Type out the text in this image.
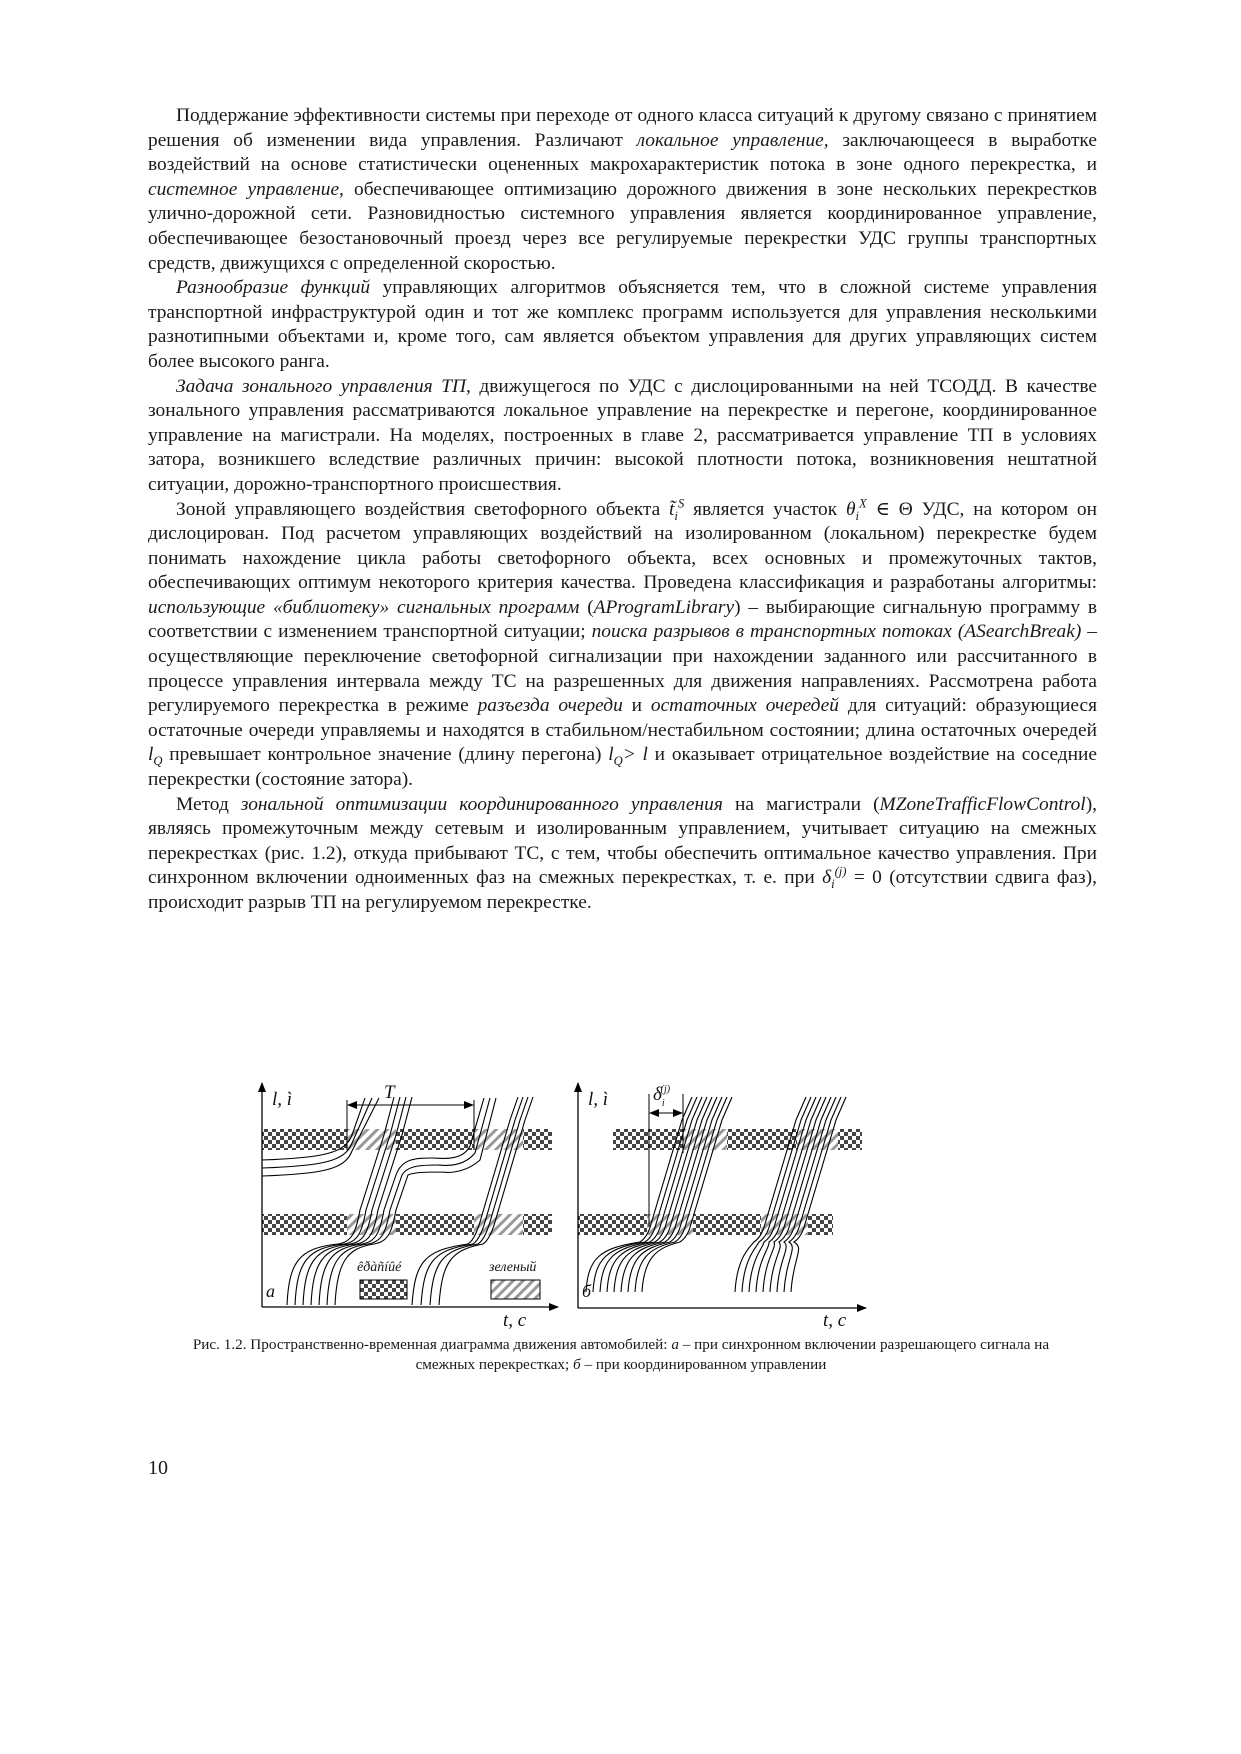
Поддержание эффективности системы при переходе от одного класса ситуаций к другому связано с принятием решения об изменении вида управления. Различают локальное управление, заключающееся в выработке воздействий на основе статистически оцененных макрохарактеристик потока в зоне одного перекрестка, и системное управление, обеспечивающее оптимизацию дорожного движения в зоне нескольких перекрестков улично-дорожной сети. Разновидностью системного управления является координированное управление, обеспечивающее безостановочный проезд через все регулируемые перекрестки УДС группы транспортных средств, движущихся с определенной скоростью.

Разнообразие функций управляющих алгоритмов объясняется тем, что в сложной системе управления транспортной инфраструктурой один и тот же комплекс программ используется для управления несколькими разнотипными объектами и, кроме того, сам является объектом управления для других управляющих систем более высокого ранга.

Задача зонального управления ТП, движущегося по УДС с дислоцированными на ней ТСОДД. В качестве зонального управления рассматриваются локальное управление на перекрестке и перегоне, координированное управление на магистрали. На моделях, построенных в главе 2, рассматривается управление ТП в условиях затора, возникшего вследствие различных причин: высокой плотности потока, возникновения нештатной ситуации, дорожно-транспортного происшествия.

Зоной управляющего воздействия светофорного объекта $t̃_i^S$ является участок $\theta_i^X$ ∈ Θ УДС, на котором он дислоцирован. Под расчетом управляющих воздействий на изолированном (локальном) перекрестке будем понимать нахождение цикла работы светофорного объекта, всех основных и промежуточных тактов, обеспечивающих оптимум некоторого критерия качества. Проведена классификация и разработаны алгоритмы: использующие «библиотеку» сигнальных программ (AProgramLibrary) – выбирающие сигнальную программу в соответствии с изменением транспортной ситуации; поиска разрывов в транспортных потоках (ASearchBreak) – осуществляющие переключение светофорной сигнализации при нахождении заданного или рассчитанного в процессе управления интервала между ТС на разрешенных для движения направлениях. Рассмотрена работа регулируемого перекрестка в режиме разъезда очереди и остаточных очередей для ситуаций: образующиеся остаточные очереди управляемы и находятся в стабильном/нестабильном состоянии; длина остаточных очередей $l_Q$ превышает контрольное значение (длину перегона) $l_Q> l$ и оказывает отрицательное воздействие на соседние перекрестки (состояние затора).

Метод зональной оптимизации координированного управления на магистрали (MZoneTrafficFlowControl), являясь промежуточным между сетевым и изолированным управлением, учитывает ситуацию на смежных перекрестках (рис. 1.2), откуда прибывают ТС, с тем, чтобы обеспечить оптимальное качество управления. При синхронном включении одноименных фаз на смежных перекрестках, т. е. при $\delta_i^{(j)} = 0$ (отсутствии сдвига фаз), происходит разрыв ТП на регулируемом перекрестке.

êðàñíûé	зеленый
l, ì	l, ì
t, c	t, c
T	$\delta_i(j)$
а	б
Рис. 1.2. Пространственно-временная диаграмма движения автомобилей: а – при синхронном включении разрешающего сигнала на смежных перекрестках; б – при координированном управлении
10
